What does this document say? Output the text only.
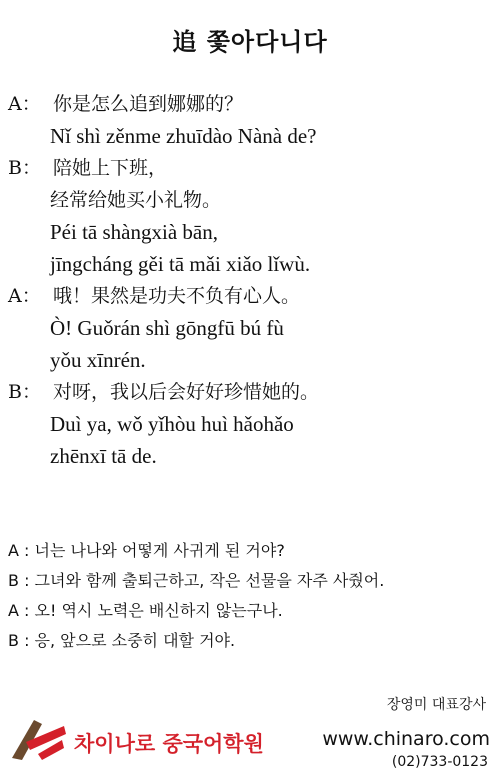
追 쫓아다니다
A： 你是怎么追到娜娜的？
Nǐ shì zěnme zhuīdào Nànà de?
B： 陪她上下班，
经常给她买小礼物。
Péi tā shàngxià bān,
jīngcháng gěi tā mǎi xiǎo lǐwù.
A： 哦！果然是功夫不负有心人。
Ò! Guǒrán shì gōngfū bú fù
yǒu xīnrén.
B： 对呀，我以后会好好珍惜她的。
Duì ya, wǒ yǐhòu huì hǎohǎo
zhēnxī tā de.
A : 너는 나나와 어떻게 사귀게 된 거야?
B : 그녀와 함께 출퇴근하고, 작은 선물을 자주 사줬어.
A : 오! 역시 노력은 배신하지 않는구나.
B : 응, 앞으로 소중히 대할 거야.
장영미 대표강사
차이나로 중국어학원	www.chinaro.com
(02)733-0123
